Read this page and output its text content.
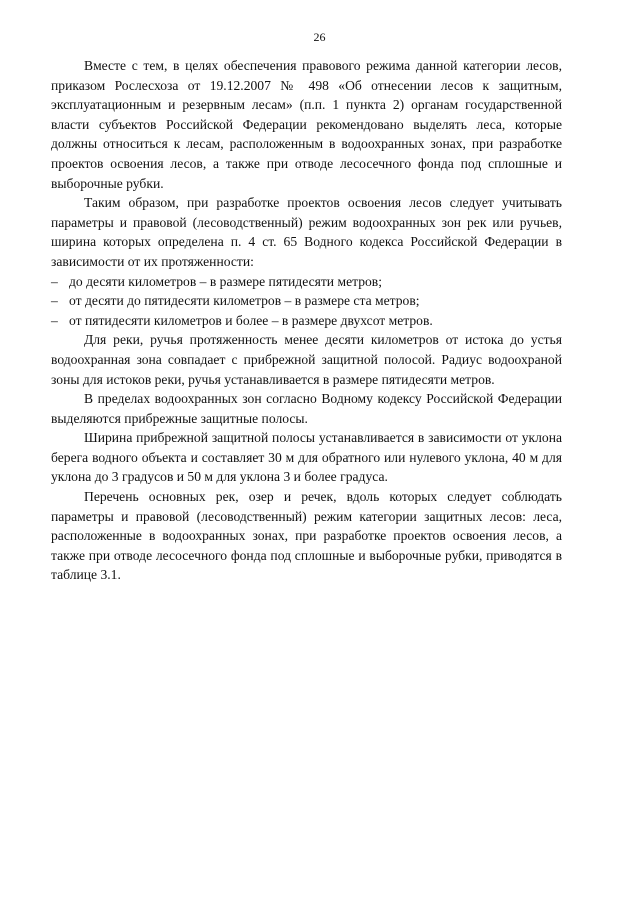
26

Вместе с тем, в целях обеспечения правового режима данной категории лесов, приказом Рослесхоза от 19.12.2007 № 498 «Об отнесении лесов к защитным, эксплуатационным и резервным лесам» (п.п. 1 пункта 2) органам государственной власти субъектов Российской Федерации рекомендовано выделять леса, которые должны относиться к лесам, расположенным в водоохранных зонах, при разработке проектов освоения лесов, а также при отводе лесосечного фонда под сплошные и выборочные рубки.

Таким образом, при разработке проектов освоения лесов следует учитывать параметры и правовой (лесоводственный) режим водоохранных зон рек или ручьев, ширина которых определена п. 4 ст. 65 Водного кодекса Российской Федерации в зависимости от их протяженности:

– до десяти километров – в размере пятидесяти метров;
– от десяти до пятидесяти километров – в размере ста метров;
– от пятидесяти километров и более – в размере двухсот метров.

Для реки, ручья протяженность менее десяти километров от истока до устья водоохранная зона совпадает с прибрежной защитной полосой. Радиус водоохраной зоны для истоков реки, ручья устанавливается в размере пятидесяти метров.

В пределах водоохранных зон согласно Водному кодексу Российской Федерации выделяются прибрежные защитные полосы.

Ширина прибрежной защитной полосы устанавливается в зависимости от уклона берега водного объекта и составляет 30 м для обратного или нулевого уклона, 40 м для уклона до 3 градусов и 50 м для уклона 3 и более градуса.

Перечень основных рек, озер и речек, вдоль которых следует соблюдать параметры и правовой (лесоводственный) режим категории защитных лесов: леса, расположенные в водоохранных зонах, при разработке проектов освоения лесов, а также при отводе лесосечного фонда под сплошные и выборочные рубки, приводятся в таблице 3.1.
